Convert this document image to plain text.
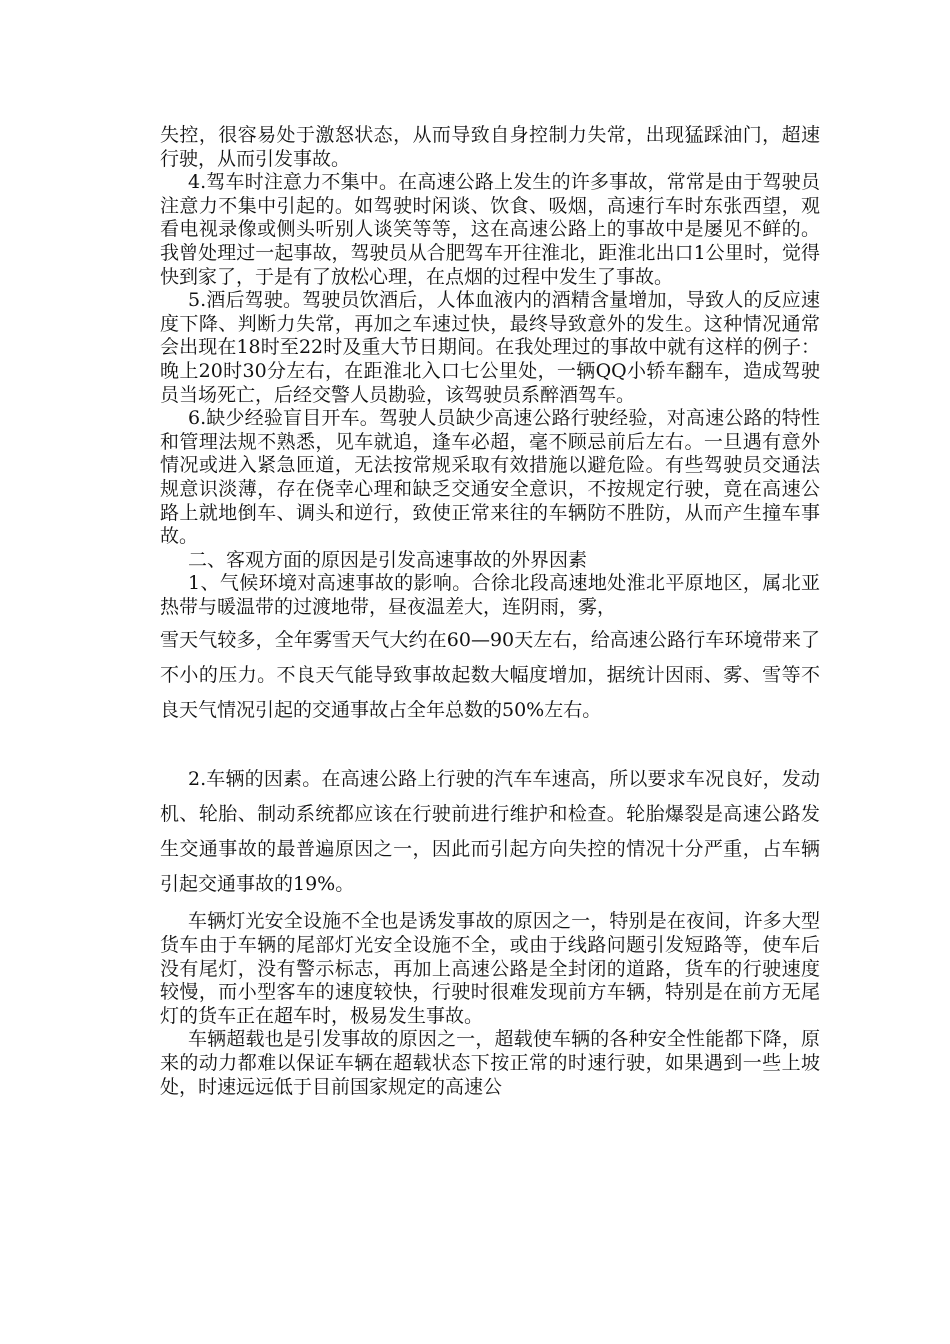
失控，很容易处于激怒状态，从而导致自身控制力失常，出现猛踩油门，超速行驶，从而引发事故。

4.驾车时注意力不集中。在高速公路上发生的许多事故，常常是由于驾驶员注意力不集中引起的。如驾驶时闲谈、饮食、吸烟，高速行车时东张西望，观看电视录像或侧头听别人谈笑等等，这在高速公路上的事故中是屡见不鲜的。我曾处理过一起事故，驾驶员从合肥驾车开往淮北，距淮北出口1公里时，觉得快到家了，于是有了放松心理，在点烟的过程中发生了事故。

5.酒后驾驶。驾驶员饮酒后，人体血液内的酒精含量增加，导致人的反应速度下降、判断力失常，再加之车速过快，最终导致意外的发生。这种情况通常会出现在18时至22时及重大节日期间。在我处理过的事故中就有这样的例子：晚上20时30分左右，在距淮北入口七公里处，一辆QQ小轿车翻车，造成驾驶员当场死亡，后经交警人员勘验，该驾驶员系醉酒驾车。

6.缺少经验盲目开车。驾驶人员缺少高速公路行驶经验，对高速公路的特性和管理法规不熟悉，见车就追，逢车必超，毫不顾忌前后左右。一旦遇有意外情况或进入紧急匝道，无法按常规采取有效措施以避危险。有些驾驶员交通法规意识淡薄，存在侥幸心理和缺乏交通安全意识，不按规定行驶，竟在高速公路上就地倒车、调头和逆行，致使正常来往的车辆防不胜防，从而产生撞车事故。

二、客观方面的原因是引发高速事故的外界因素

1、气候环境对高速事故的影响。合徐北段高速地处淮北平原地区，属北亚热带与暖温带的过渡地带，昼夜温差大，连阴雨，雾，

雪天气较多，全年雾雪天气大约在60—90天左右，给高速公路行车环境带来了不小的压力。不良天气能导致事故起数大幅度增加，据统计因雨、雾、雪等不良天气情况引起的交通事故占全年总数的50%左右。

2.车辆的因素。在高速公路上行驶的汽车车速高，所以要求车况良好，发动机、轮胎、制动系统都应该在行驶前进行维护和检查。轮胎爆裂是高速公路发生交通事故的最普遍原因之一，因此而引起方向失控的情况十分严重，占车辆引起交通事故的19%。

车辆灯光安全设施不全也是诱发事故的原因之一，特别是在夜间，许多大型货车由于车辆的尾部灯光安全设施不全，或由于线路问题引发短路等，使车后没有尾灯，没有警示标志，再加上高速公路是全封闭的道路，货车的行驶速度较慢，而小型客车的速度较快，行驶时很难发现前方车辆，特别是在前方无尾灯的货车正在超车时，极易发生事故。

车辆超载也是引发事故的原因之一，超载使车辆的各种安全性能都下降，原来的动力都难以保证车辆在超载状态下按正常的时速行驶，如果遇到一些上坡处，时速远远低于目前国家规定的高速公
